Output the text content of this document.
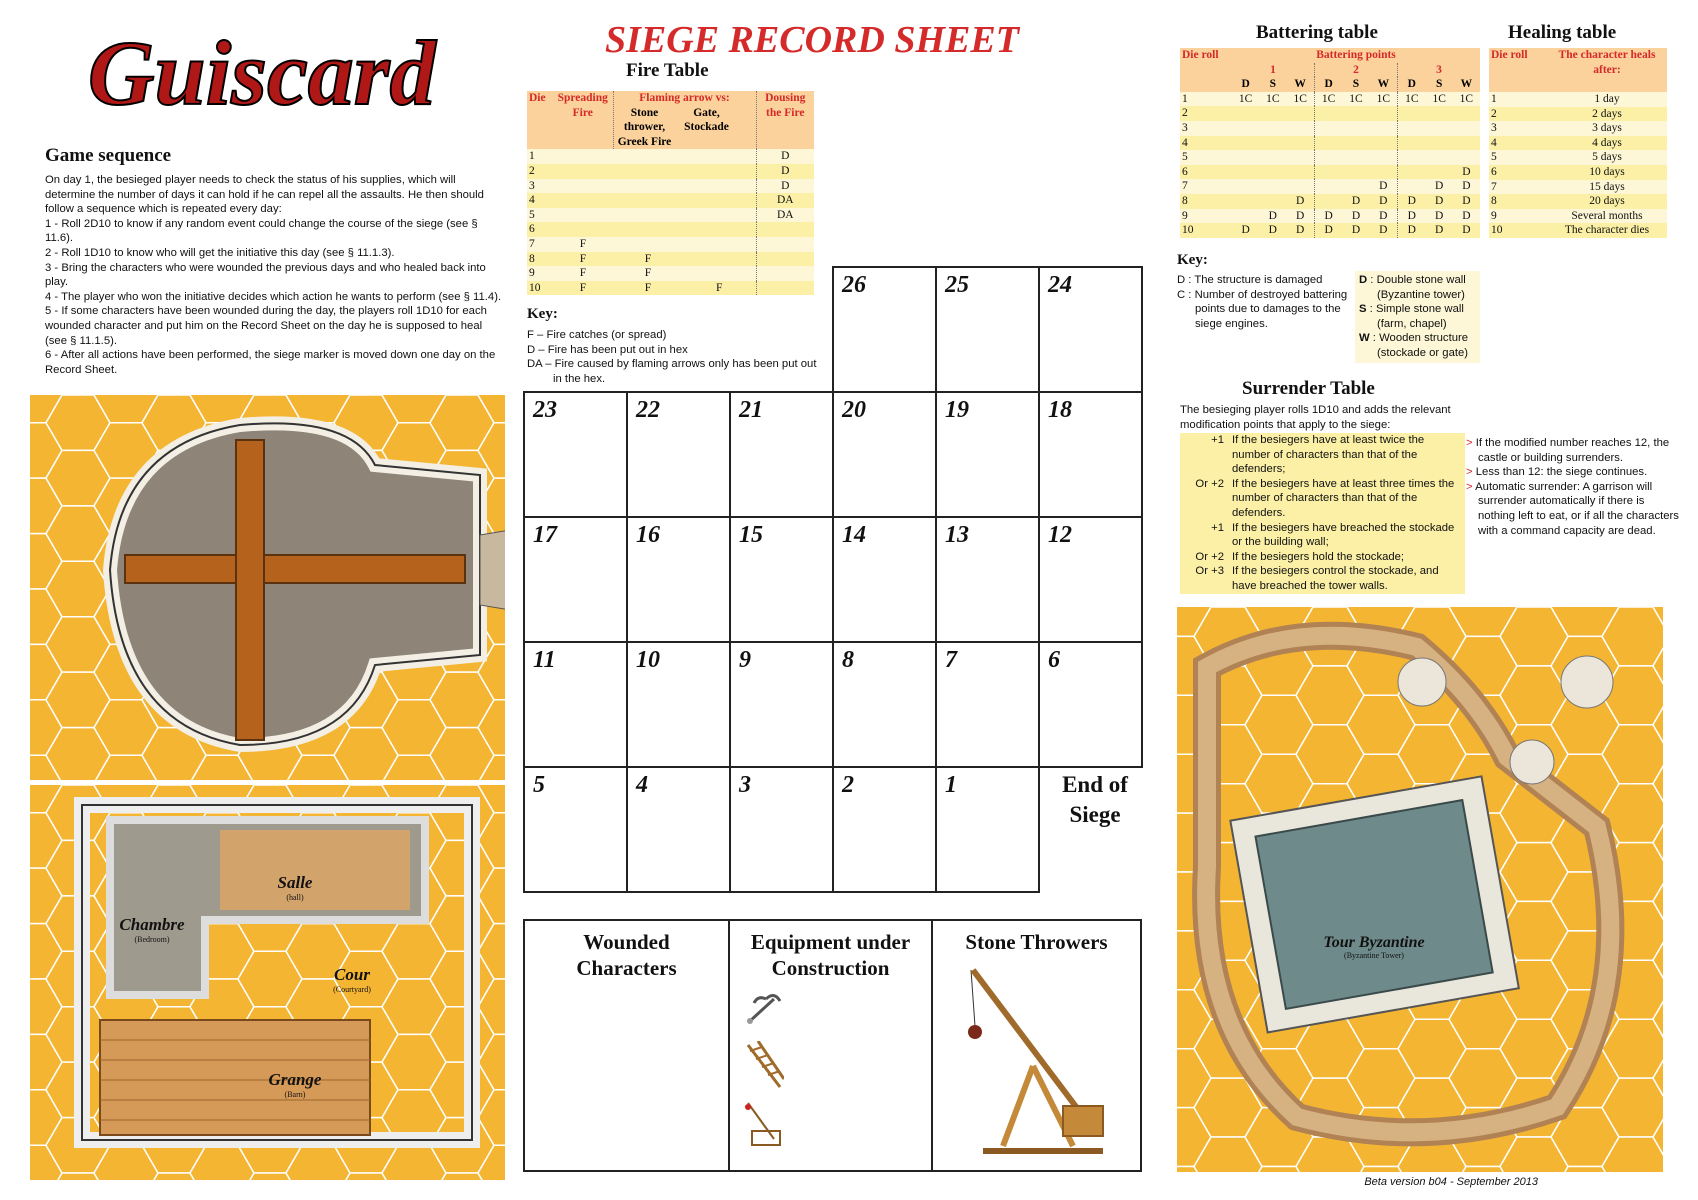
Guiscard	SIEGE RECORD SHEET
Game sequence
On day 1, the besieged player needs to check the status of his supplies, which will determine the number of days it can hold if he can repel all the assaults. He then should follow a sequence which is repeated every day:
1 - Roll 2D10 to know if any random event could change the course of the siege (see § 11.6).
2 - Roll 1D10 to know who will get the initiative this day (see § 11.1.3).
3 - Bring the characters who were wounded the previous days and who healed back into play.
4 - The player who won the initiative decides which action he wants to perform (see § 11.4).
5 - If some characters have been wounded during the day, the players roll 1D10 for each wounded character and put him on the Record Sheet on the day he is supposed to heal (see § 11.1.5).
6 - After all actions have been performed, the siege marker is moved down one day on the Record Sheet.
Fire Table
Die	Spreading Fire	Flaming arrow vs:
Stone thrower, Greek Fire
Gate, Stockade		Dousing the Fire
1				D
2				D
3				D
4				DA
5				DA
6				
7	F			
8	F	F		
9	F	F		
10	F	F	F	
Key:
F – Fire catches (or spread)
D – Fire has been put out in hex
DA – Fire caused by flaming arrows only has been put out in the hex.
Battering table
Die roll	Battering points								
	1			2			3		
	D	S	W	D	S	W	D	S	W
1	1C	1C	1C	1C	1C	1C	1C	1C	1C
2									
3									
4									
5									
6									D
7						D		D	D
8			D		D	D	D	D	D
9		D	D	D	D	D	D	D	D
10	D	D	D	D	D	D	D	D	D
Healing table
Die roll	The character heals after:
1	1 day
2	2 days
3	3 days
4	4 days
5	5 days
6	10 days
7	15 days
8	20 days
9	Several months
10	The character dies
Key:
D : The structure is damaged
C : Number of destroyed battering points due to damages to the siege engines.
D : Double stone wall (Byzantine tower)
S : Simple stone wall (farm, chapel)
W : Wooden structure (stockade or gate)
Surrender Table
The besieging player rolls 1D10 and adds the relevant modification points that apply to the siege:
+1	If the besiegers have at least twice the number of characters than that of the defenders;
Or +2	If the besiegers have at least three times the number of characters than that of the defenders.
+1	If the besiegers have breached the stockade or the building wall;
Or +2	If the besiegers hold the stockade;
Or +3	If the besiegers control the stockade, and have breached the tower walls.
> If the modified number reaches 12, the castle or building surrenders.
> Less than 12: the siege continues.
> Automatic surrender: A garrison will surrender automatically if there is nothing left to eat, or if all the characters with a command capacity are dead.
26	25	24
23	22	21	20	19	18
17	16	15	14	13	12
11	10	9	8	7	6
5	4	3	2	1	End of Siege
Wounded Characters
Equipment under Construction
Stone Throwers
Salle
(hall)
Chambre
(Bedroom)
Cour
(Courtyard)
Grange
(Barn)
Tour Byzantine
(Byzantine Tower)
Beta version b04 - September 2013
